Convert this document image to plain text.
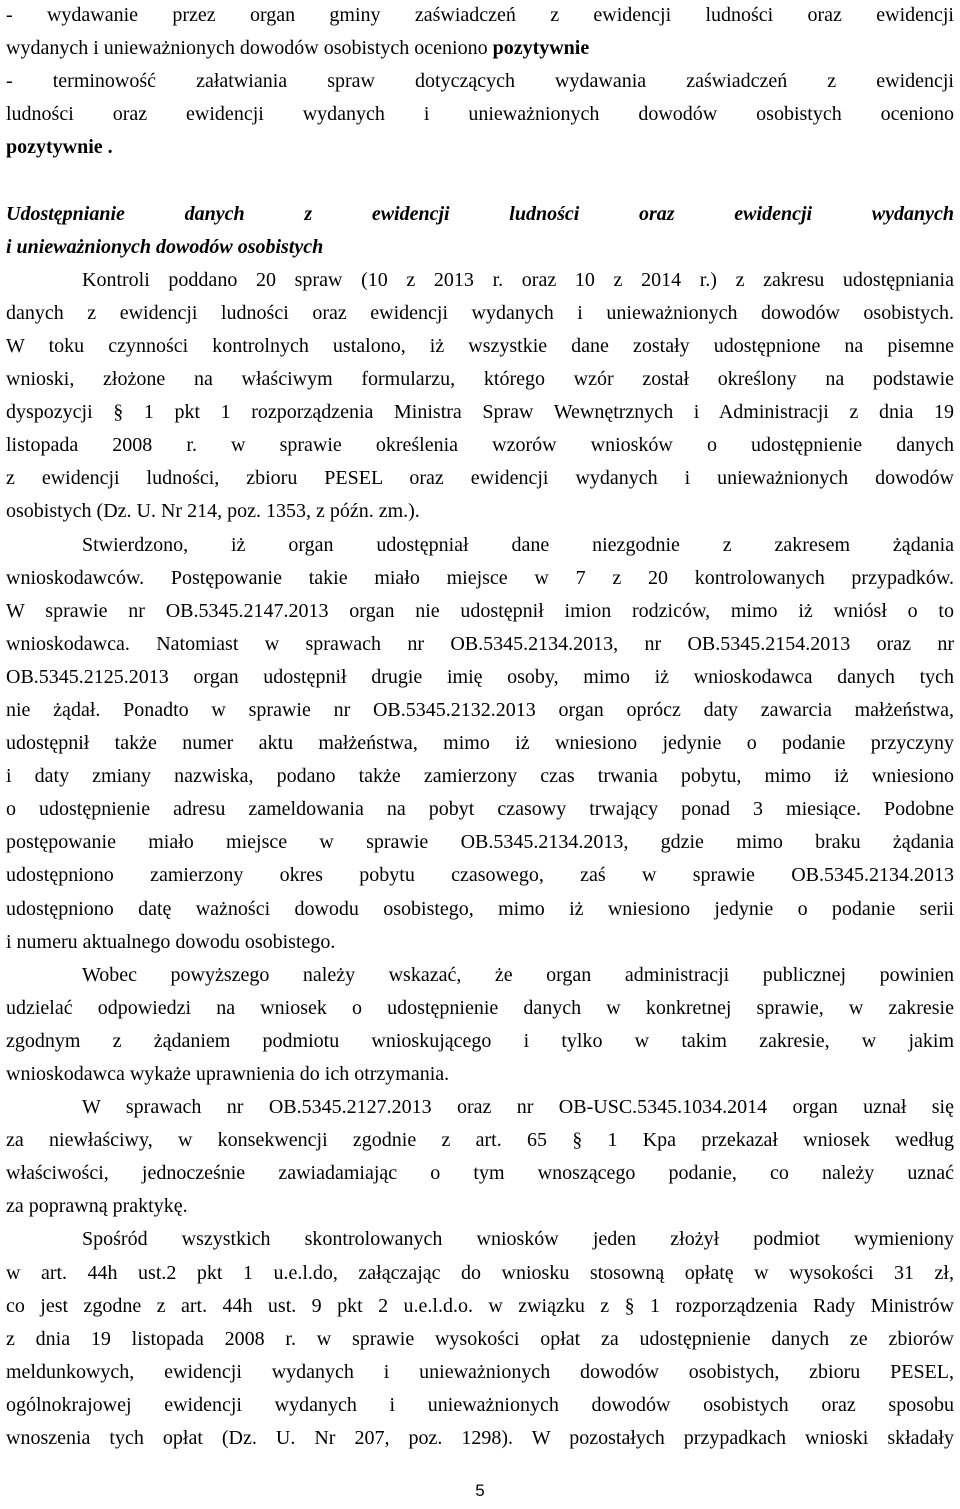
- wydawanie przez organ gminy zaświadczeń z ewidencji ludności oraz ewidencji
wydanych i unieważnionych dowodów osobistych oceniono pozytywnie
- terminowość załatwiania spraw dotyczących wydawania zaświadczeń z ewidencji
ludności oraz ewidencji wydanych i unieważnionych dowodów osobistych oceniono
pozytywnie .
Udostępnianie danych z ewidencji ludności oraz ewidencji wydanych
i unieważnionych dowodów osobistych
Kontroli poddano 20 spraw (10 z 2013 r. oraz 10 z 2014 r.) z zakresu udostępniania
danych z ewidencji ludności oraz ewidencji wydanych i unieważnionych dowodów osobistych.
W toku czynności kontrolnych ustalono, iż wszystkie dane zostały udostępnione na pisemne
wnioski, złożone na właściwym formularzu, którego wzór został określony na podstawie
dyspozycji § 1 pkt 1 rozporządzenia Ministra Spraw Wewnętrznych i Administracji z dnia 19
listopada 2008 r. w sprawie określenia wzorów wniosków o udostępnienie danych
z ewidencji ludności, zbioru PESEL oraz ewidencji wydanych i unieważnionych dowodów
osobistych (Dz. U. Nr 214, poz. 1353, z późn. zm.).
Stwierdzono, iż organ udostępniał dane niezgodnie z zakresem żądania
wnioskodawców. Postępowanie takie miało miejsce w 7 z 20 kontrolowanych przypadków.
W sprawie nr OB.5345.2147.2013 organ nie udostępnił imion rodziców, mimo iż wniósł o to
wnioskodawca. Natomiast w sprawach nr OB.5345.2134.2013, nr OB.5345.2154.2013 oraz nr
OB.5345.2125.2013 organ udostępnił drugie imię osoby, mimo iż wnioskodawca danych tych
nie żądał. Ponadto w sprawie nr OB.5345.2132.2013 organ oprócz daty zawarcia małżeństwa,
udostępnił także numer aktu małżeństwa, mimo iż wniesiono jedynie o podanie przyczyny
i daty zmiany nazwiska, podano także zamierzony czas trwania pobytu, mimo iż wniesiono
o udostępnienie adresu zameldowania na pobyt czasowy trwający ponad 3 miesiące. Podobne
postępowanie miało miejsce w sprawie OB.5345.2134.2013, gdzie mimo braku żądania
udostępniono zamierzony okres pobytu czasowego, zaś w sprawie OB.5345.2134.2013
udostępniono datę ważności dowodu osobistego, mimo iż wniesiono jedynie o podanie serii
i numeru aktualnego dowodu osobistego.
Wobec powyższego należy wskazać, że organ administracji publicznej powinien
udzielać odpowiedzi na wniosek o udostępnienie danych w konkretnej sprawie, w zakresie
zgodnym z żądaniem podmiotu wnioskującego i tylko w takim zakresie, w jakim
wnioskodawca wykaże uprawnienia do ich otrzymania.
W sprawach nr OB.5345.2127.2013 oraz nr OB-USC.5345.1034.2014 organ uznał się
za niewłaściwy, w konsekwencji zgodnie z art. 65 § 1 Kpa przekazał wniosek według
właściwości, jednocześnie zawiadamiając o tym wnoszącego podanie, co należy uznać
za poprawną praktykę.
Spośród wszystkich skontrolowanych wniosków jeden złożył podmiot wymieniony
w art. 44h ust.2 pkt 1 u.e.l.do, załączając do wniosku stosowną opłatę w wysokości 31 zł,
co jest zgodne z art. 44h ust. 9 pkt 2 u.e.l.d.o. w związku z § 1 rozporządzenia Rady Ministrów
z dnia 19 listopada 2008 r. w sprawie wysokości opłat za udostępnienie danych ze zbiorów
meldunkowych, ewidencji wydanych i unieważnionych dowodów osobistych, zbioru PESEL,
ogólnokrajowej ewidencji wydanych i unieważnionych dowodów osobistych oraz sposobu
wnoszenia tych opłat (Dz. U. Nr 207, poz. 1298). W pozostałych przypadkach wnioski składały
5
